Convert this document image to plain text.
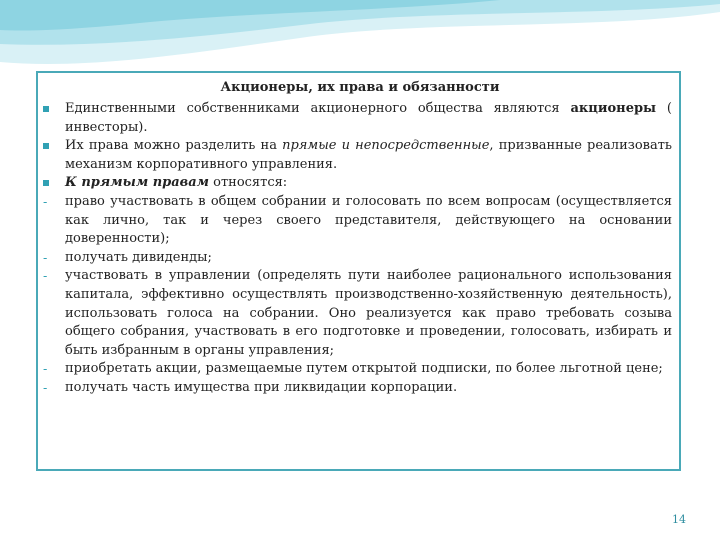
Акционеры, их права и обязанности
Единственными собственниками акционерного общества являются акционеры ( инвесторы).
Их права можно разделить на прямые и непосредственные, призванные реализовать механизм корпоративного управления.
К прямым правам относятся:
-
право участвовать в общем собрании и голосовать по всем вопросам (осуществляется как лично, так и через своего представителя, действующего на основании доверенности);
-
получать дивиденды;
-
участвовать в управлении (определять пути наиболее рационального использования капитала, эффективно осуществлять производственно-хозяйственную деятельность), использовать голоса на собрании. Оно реализуется как право требовать созыва общего собрания, участвовать в его подготовке и проведении, голосовать, избирать и быть избранным в органы управления;
-
приобретать акции, размещаемые путем открытой подписки, по более льготной цене;
-
получать часть имущества при ликвидации корпорации.
14
